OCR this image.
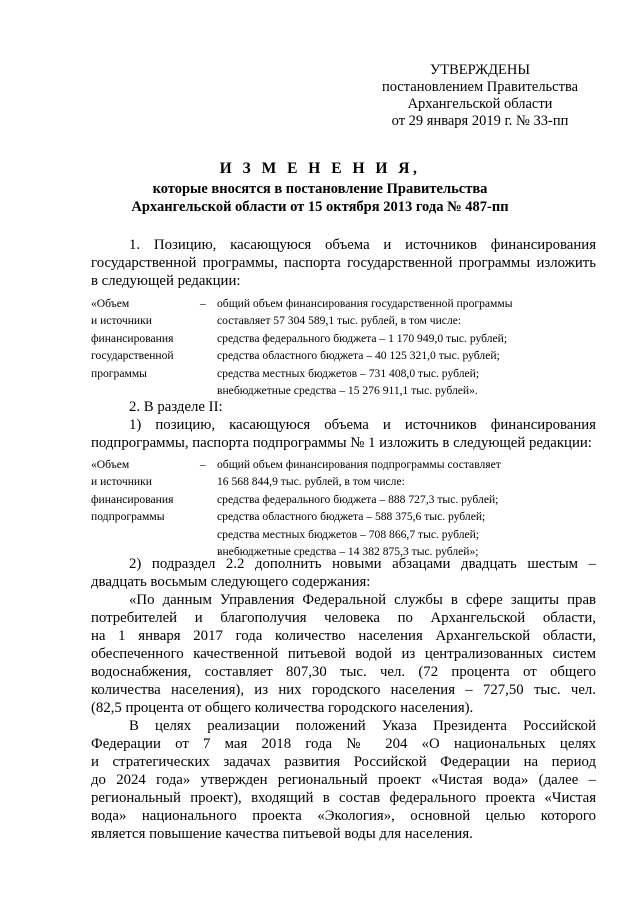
УТВЕРЖДЕНЫ
постановлением Правительства
Архангельской области
от 29 января 2019 г. № 33-пп
И З М Е Н Е Н И Я,
которые вносятся в постановление Правительства
Архангельской области от 15 октября 2013 года № 487-пп
1. Позицию, касающуюся объема и источников финансирования
государственной программы, паспорта государственной программы изложить
в следующей редакции:
«Объем
и источники
финансирования
государственной
программы
– общий объем финансирования государственной программы
составляет 57 304 589,1 тыс. рублей, в том числе:
средства федерального бюджета – 1 170 949,0 тыс. рублей;
средства областного бюджета – 40 125 321,0 тыс. рублей;
средства местных бюджетов – 731 408,0 тыс. рублей;
внебюджетные средства – 15 276 911,1 тыс. рублей».
2. В разделе II:
1) позицию, касающуюся объема и источников финансирования
подпрограммы, паспорта подпрограммы № 1 изложить в следующей редакции:
«Объем
и источники
финансирования
подпрограммы
– общий объем финансирования подпрограммы составляет
16 568 844,9 тыс. рублей, в том числе:
средства федерального бюджета – 888 727,3 тыс. рублей;
средства областного бюджета – 588 375,6 тыс. рублей;
средства местных бюджетов – 708 866,7 тыс. рублей;
внебюджетные средства – 14 382 875,3 тыс. рублей»;
2) подраздел 2.2 дополнить новыми абзацами двадцать шестым –
двадцать восьмым следующего содержания:
«По данным Управления Федеральной службы в сфере защиты прав
потребителей и благополучия человека по Архангельской области,
на 1 января 2017 года количество населения Архангельской области,
обеспеченного качественной питьевой водой из централизованных систем
водоснабжения, составляет 807,30 тыс. чел. (72 процента от общего
количества населения), из них городского населения – 727,50 тыс. чел.
(82,5 процента от общего количества городского населения).
В целях реализации положений Указа Президента Российской
Федерации от 7 мая 2018 года № 204 «О национальных целях
и стратегических задачах развития Российской Федерации на период
до 2024 года» утвержден региональный проект «Чистая вода» (далее –
региональный проект), входящий в состав федерального проекта «Чистая
вода» национального проекта «Экология», основной целью которого
является повышение качества питьевой воды для населения.
